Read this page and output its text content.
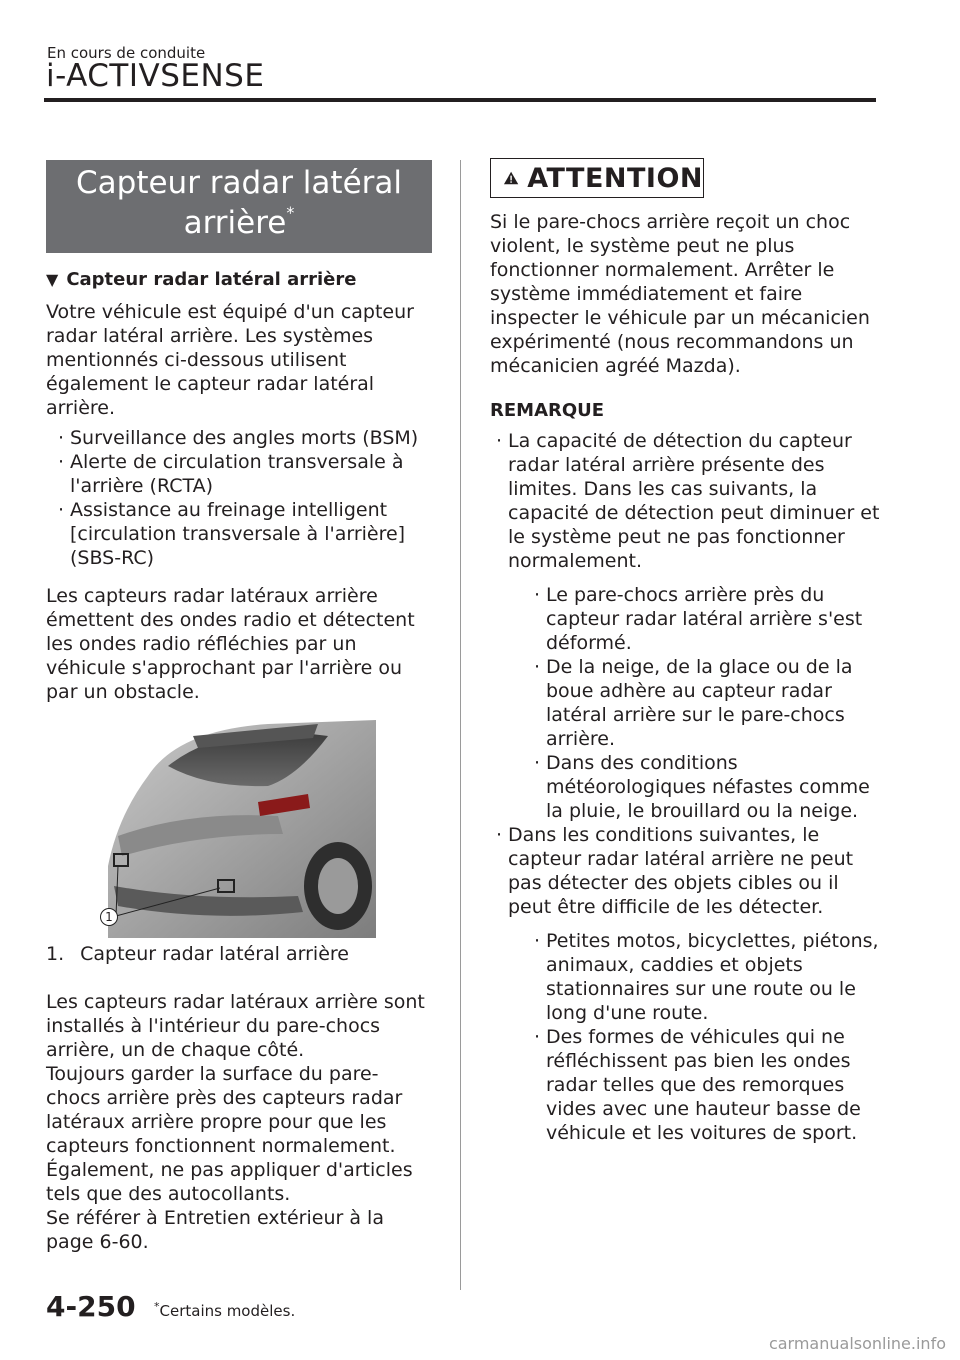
En cours de conduite
i-ACTIVSENSE
Capteur radar latéral
arrière*
▼ Capteur radar latéral arrière

Votre véhicule est équipé d'un capteur radar latéral arrière. Les systèmes mentionnés ci-dessous utilisent également le capteur radar latéral arrière.

· Surveillance des angles morts (BSM)
· Alerte de circulation transversale à l'arrière (RCTA)
· Assistance au freinage intelligent [circulation transversale à l'arrière] (SBS-RC)

Les capteurs radar latéraux arrière émettent des ondes radio et détectent les ondes radio réfléchies par un véhicule s'approchant par l'arrière ou par un obstacle.

1
1. Capteur radar latéral arrière

Les capteurs radar latéraux arrière sont installés à l'intérieur du pare-chocs arrière, un de chaque côté.

Toujours garder la surface du pare-chocs arrière près des capteurs radar latéraux arrière propre pour que les capteurs fonctionnent normalement. Également, ne pas appliquer d'articles tels que des autocollants.

Se référer à Entretien extérieur à la page 6-60.

ATTENTION

Si le pare-chocs arrière reçoit un choc violent, le système peut ne plus fonctionner normalement. Arrêter le système immédiatement et faire inspecter le véhicule par un mécanicien expérimenté (nous recommandons un mécanicien agréé Mazda).

REMARQUE
· La capacité de détection du capteur radar latéral arrière présente des limites. Dans les cas suivants, la capacité de détection peut diminuer et le système peut ne pas fonctionner normalement.
· Le pare-chocs arrière près du capteur radar latéral arrière s'est déformé.
· De la neige, de la glace ou de la boue adhère au capteur radar latéral arrière sur le pare-chocs arrière.
· Dans des conditions météorologiques néfastes comme la pluie, le brouillard ou la neige.
· Dans les conditions suivantes, le capteur radar latéral arrière ne peut pas détecter des objets cibles ou il peut être difficile de les détecter.
· Petites motos, bicyclettes, piétons, animaux, caddies et objets stationnaires sur une route ou le long d'une route.
· Des formes de véhicules qui ne réfléchissent pas bien les ondes radar telles que des remorques vides avec une hauteur basse de véhicule et les voitures de sport.
4-250 *Certains modèles.
carmanualsonline.info
